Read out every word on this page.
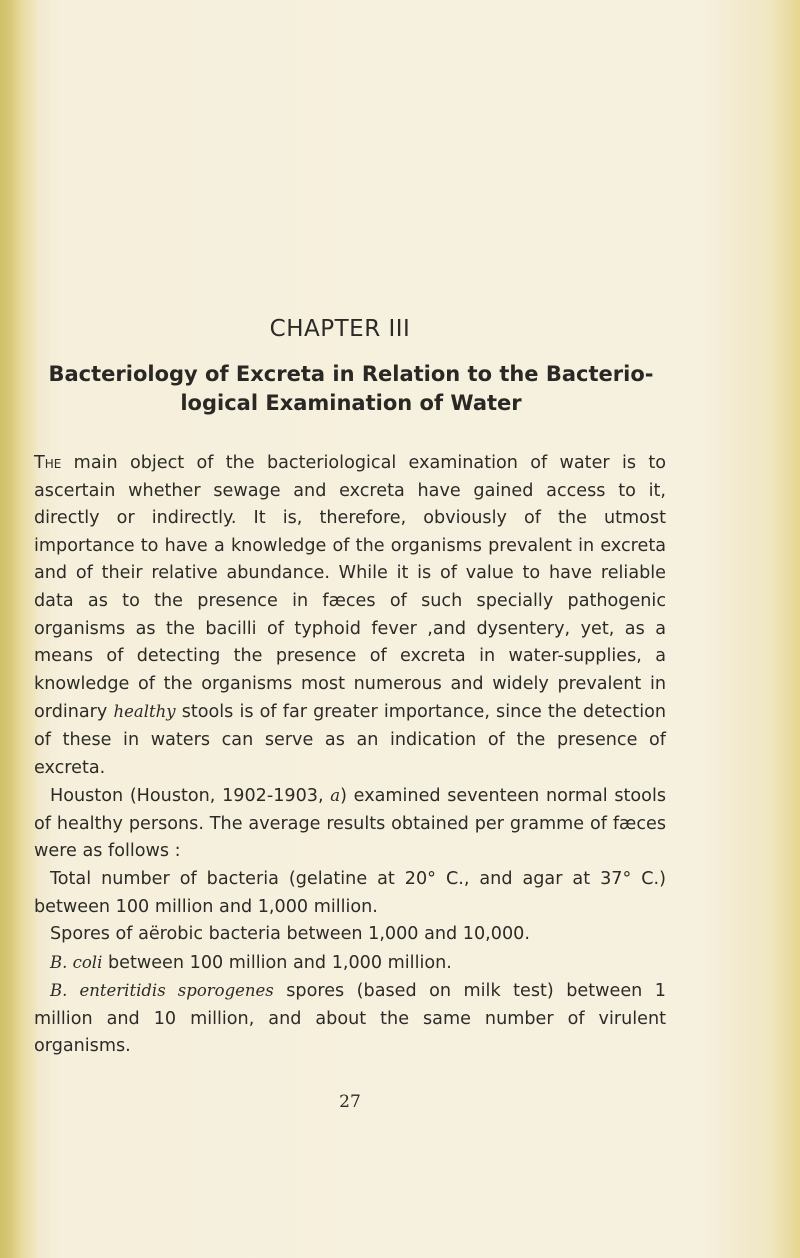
CHAPTER III
Bacteriology of Excreta in Relation to the Bacterio-
logical Examination of Water

The main object of the bacteriological examination of water is to ascertain whether sewage and excreta have gained access to it, directly or indirectly. It is, therefore, obviously of the utmost importance to have a knowledge of the organisms prevalent in excreta and of their relative abundance. While it is of value to have reliable data as to the presence in fæces of such specially pathogenic organisms as the bacilli of typhoid fever ,and dysentery, yet, as a means of detecting the presence of excreta in water-supplies, a knowledge of the organisms most numerous and widely prevalent in ordinary healthy stools is of far greater importance, since the detection of these in waters can serve as an indication of the presence of excreta.

Houston (Houston, 1902-1903, a) examined seventeen normal stools of healthy persons. The average results obtained per gramme of fæces were as follows :

Total number of bacteria (gelatine at 20° C., and agar at 37° C.) between 100 million and 1,000 million.

Spores of aërobic bacteria between 1,000 and 10,000.

B. coli between 100 million and 1,000 million.

B. enteritidis sporogenes spores (based on milk test) between 1 million and 10 million, and about the same number of virulent organisms.

27
